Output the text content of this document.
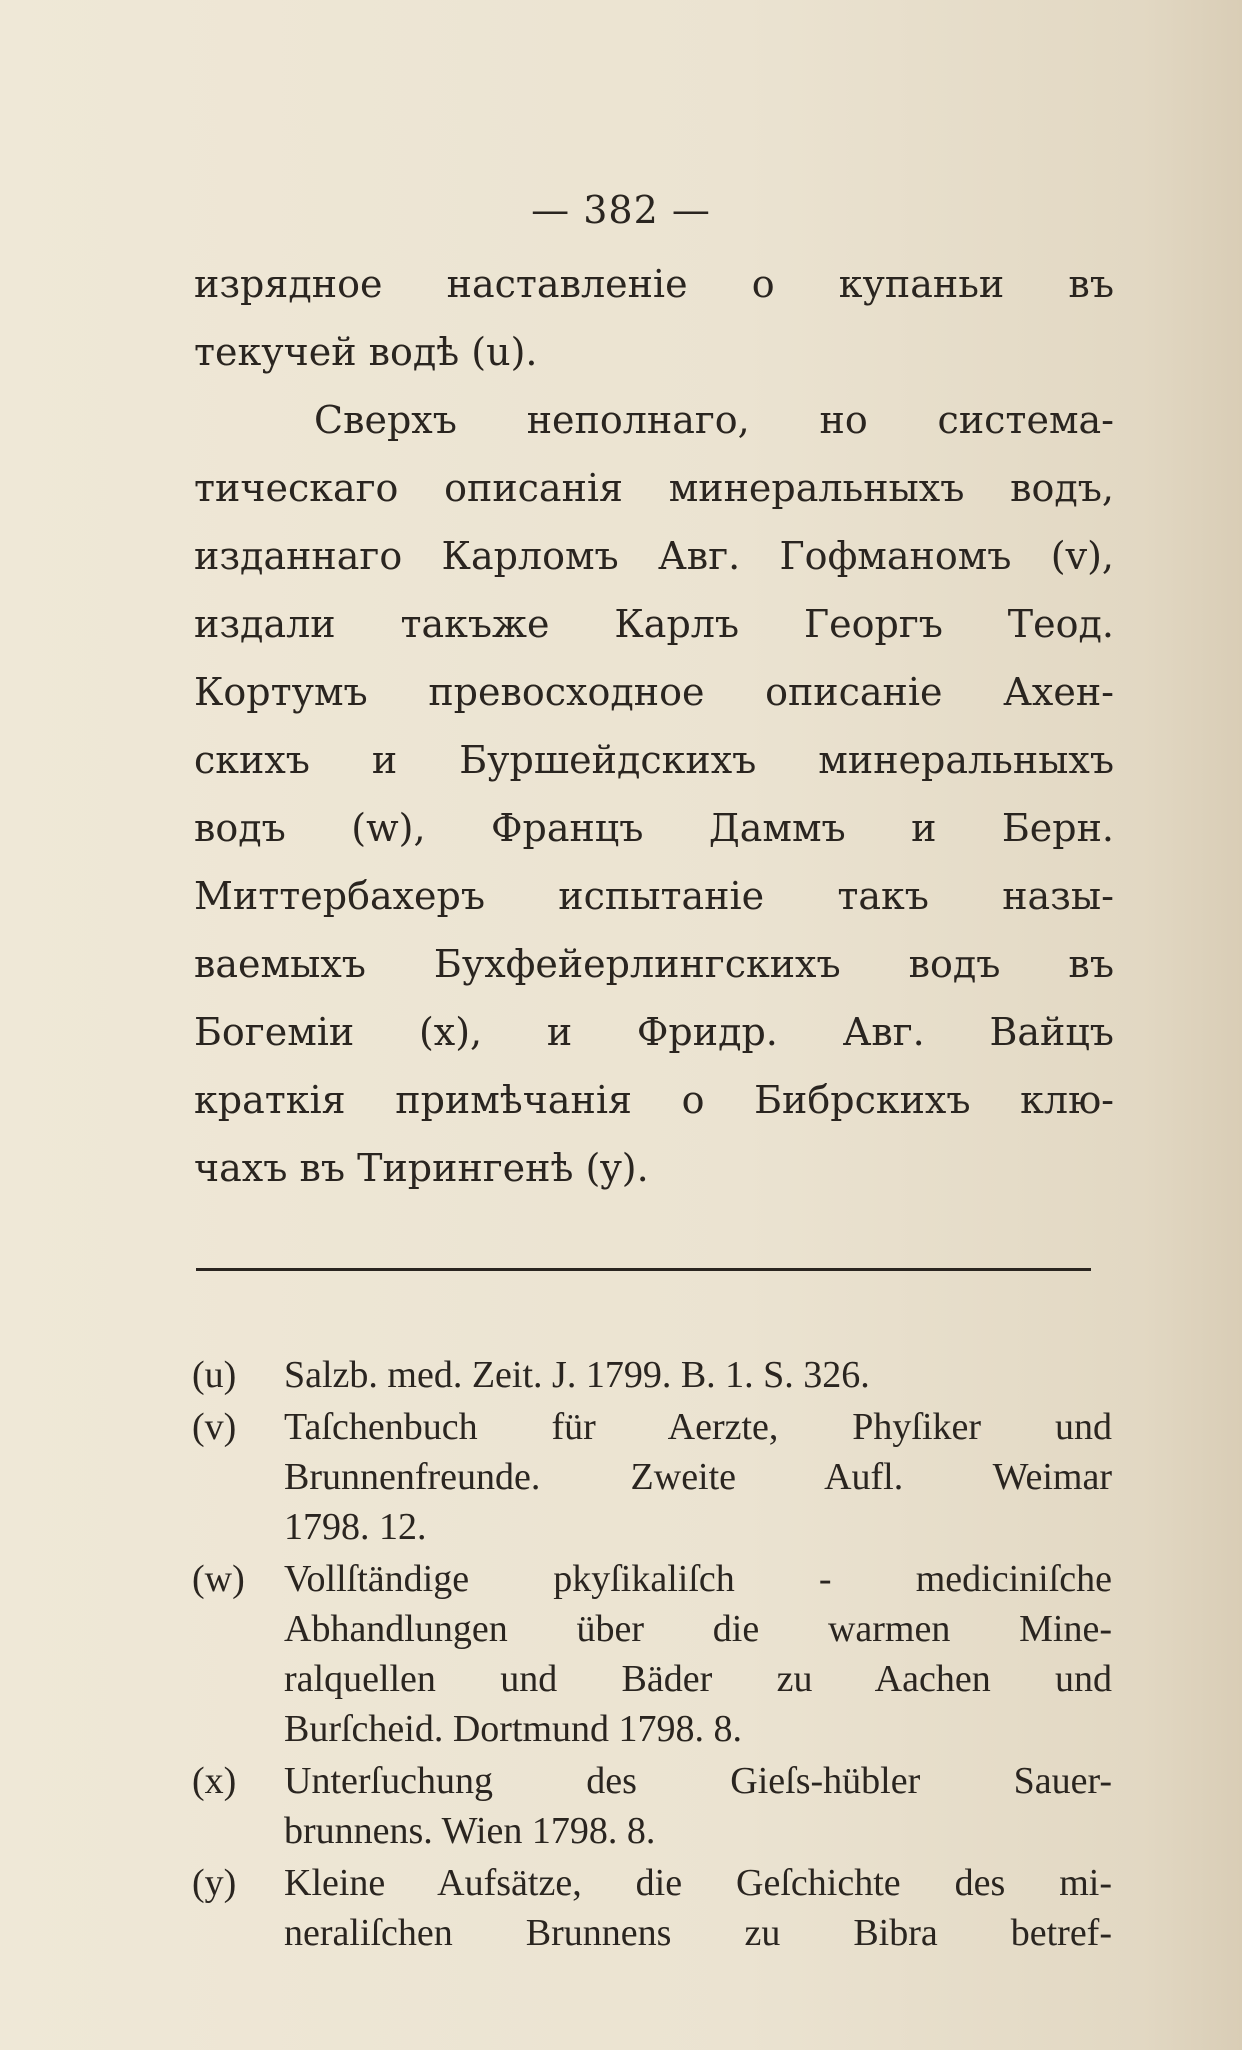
— 382 —
изрядное наставленіе о купаньи въ
текучей водѣ (u).
Сверхъ неполнаго, но система-
тическаго описанія минеральныхъ водъ,
изданнаго Карломъ Авг. Гофманомъ (v),
издали такъже Карлъ Георгъ Теод.
Кортумъ превосходное описаніе Ахен-
скихъ и Буршейдскихъ минеральныхъ
водъ (w), Францъ Даммъ и Берн.
Миттербахеръ испытаніе такъ назы-
ваемыхъ Бухфейерлингскихъ водъ въ
Богеміи (x), и Фридр. Авг. Вайцъ
краткія примѣчанія о Бибрскихъ клю-
чахъ въ Тирингенѣ (y).
(u) Salzb. med. Zeit. J. 1799. B. 1. S. 326.
(v) Taſchenbuch für Aerzte, Phyſiker und
Brunnenfreunde. Zweite Aufl. Weimar
1798. 12.
(w) Vollſtändige pkyſikaliſch - mediciniſche
Abhandlungen über die warmen Mine-
ralquellen und Bäder zu Aachen und
Burſcheid. Dortmund 1798. 8.
(x) Unterſuchung des Gieſs-hübler Sauer-
brunnens. Wien 1798. 8.
(y) Kleine Aufsätze, die Geſchichte des mi-
neraliſchen Brunnens zu Bibra betref-
